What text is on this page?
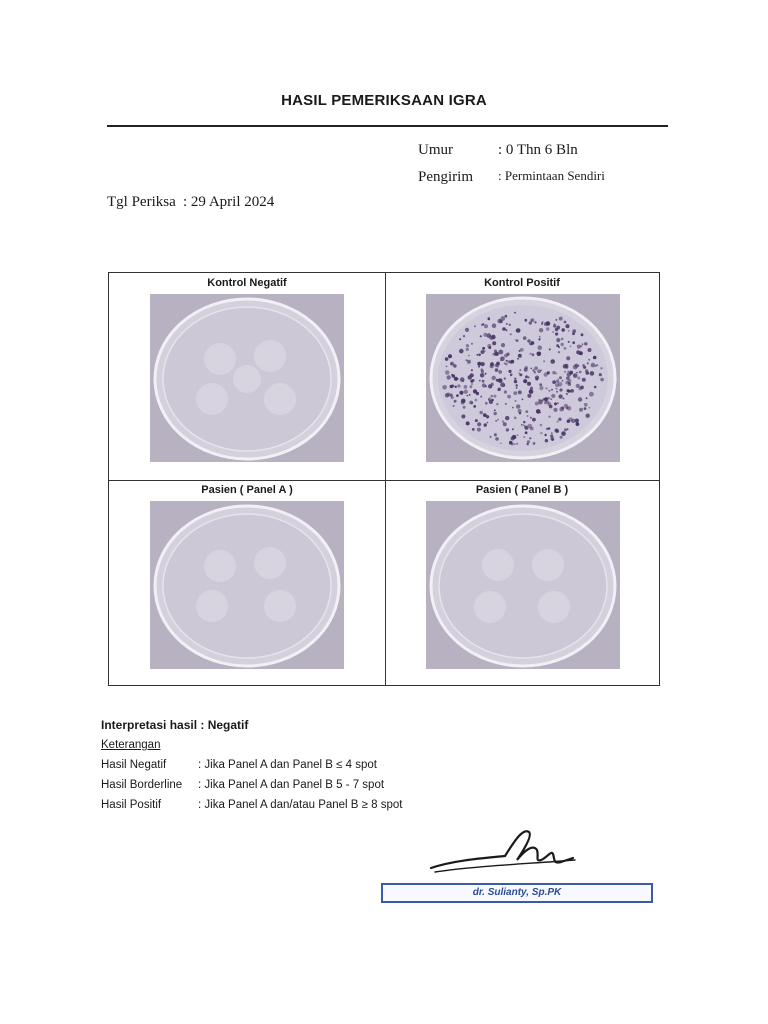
HASIL PEMERIKSAAN IGRA
Umur	: 0 Thn 6 Bln
Pengirim : Permintaan Sendiri
Tgl Periksa : 29 April 2024
Kontrol Negatif	Kontrol Positif
Pasien ( Panel A )	Pasien ( Panel B )
Interpretasi hasil : Negatif
Keterangan
Hasil Negatif	: Jika Panel A dan Panel B ≤ 4 spot
Hasil Borderline : Jika Panel A dan Panel B 5 - 7 spot
Hasil Positif	: Jika Panel A dan/atau Panel B ≥ 8 spot
dr. Sulianty, Sp.PK
